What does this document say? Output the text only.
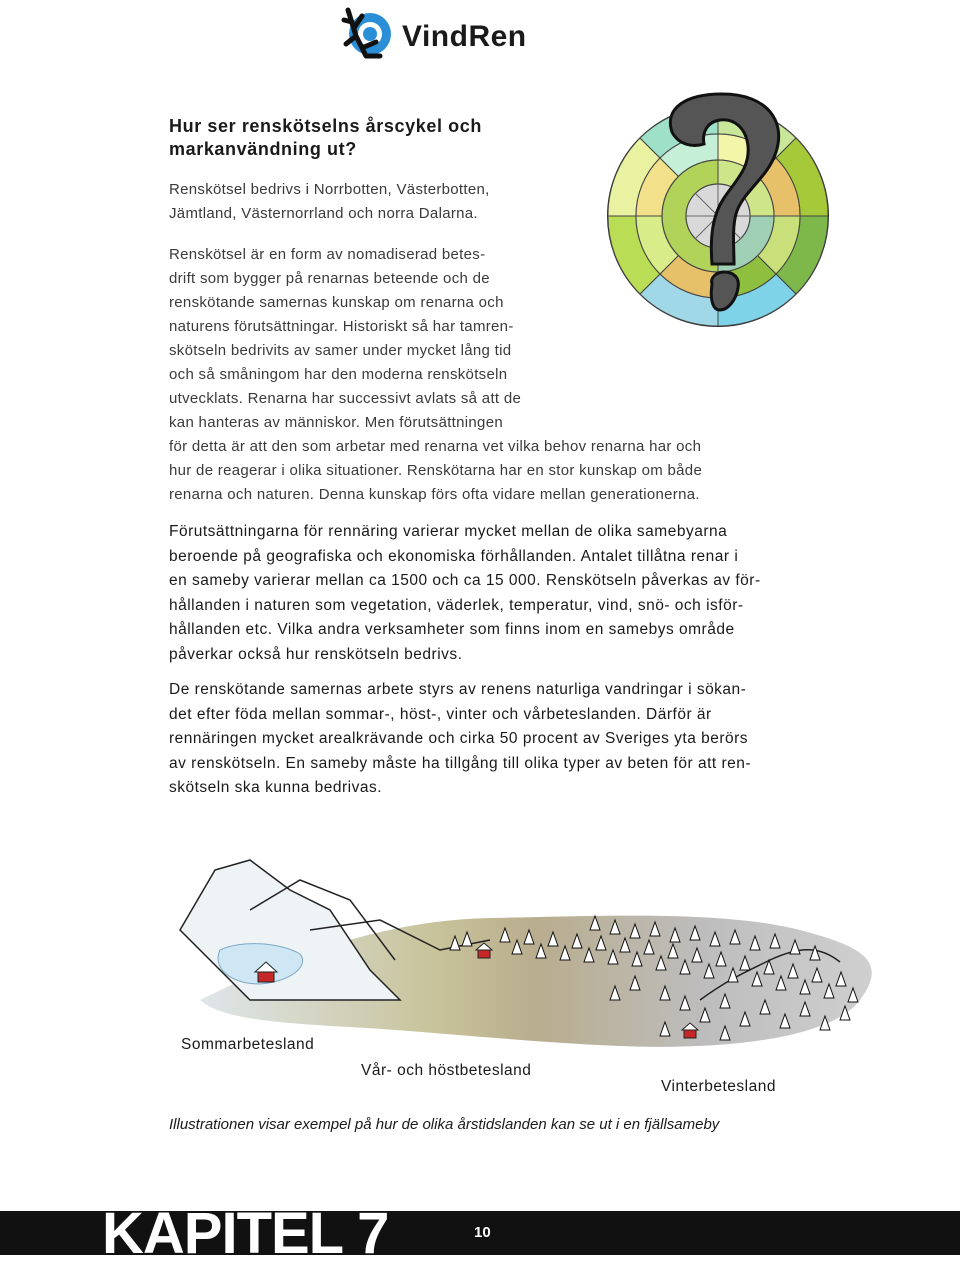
VindRen
Hur ser renskötselns årscykel och
markanvändning ut?

Renskötsel bedrivs i Norrbotten, Västerbotten,
Jämtland, Västernorrland och norra Dalarna.

Renskötsel är en form av nomadiserad betes-
drift som bygger på renarnas beteende och de
renskötande samernas kunskap om renarna och
naturens förutsättningar. Historiskt så har tamren-
skötseln bedrivits av samer under mycket lång tid
och så småningom har den moderna renskötseln
utvecklats. Renarna har successivt avlats så att de
kan hanteras av människor. Men förutsättningen
för detta är att den som arbetar med renarna vet vilka behov renarna har och
hur de reagerar i olika situationer. Renskötarna har en stor kunskap om både
renarna och naturen. Denna kunskap förs ofta vidare mellan generationerna.

Förutsättningarna för rennäring varierar mycket mellan de olika samebyarna
beroende på geografiska och ekonomiska förhållanden. Antalet tillåtna renar i
en sameby varierar mellan ca 1500 och ca 15 000. Renskötseln påverkas av för-
hållanden i naturen som vegetation, väderlek, temperatur, vind, snö- och isför-
hållanden etc. Vilka andra verksamheter som finns inom en samebys område
påverkar också hur renskötseln bedrivs.

De renskötande samernas arbete styrs av renens naturliga vandringar i sökan-
det efter föda mellan sommar-, höst-, vinter och vårbeteslanden. Därför är
rennäringen mycket arealkrävande och cirka 50 procent av Sveriges yta berörs
av renskötseln. En sameby måste ha tillgång till olika typer av beten för att ren-
skötseln ska kunna bedrivas.

Sommarbetesland
Vår- och höstbetesland
Vinterbetesland
Illustrationen visar exempel på hur de olika årstidslanden kan se ut i en fjällsameby
KAPITEL 7	10
